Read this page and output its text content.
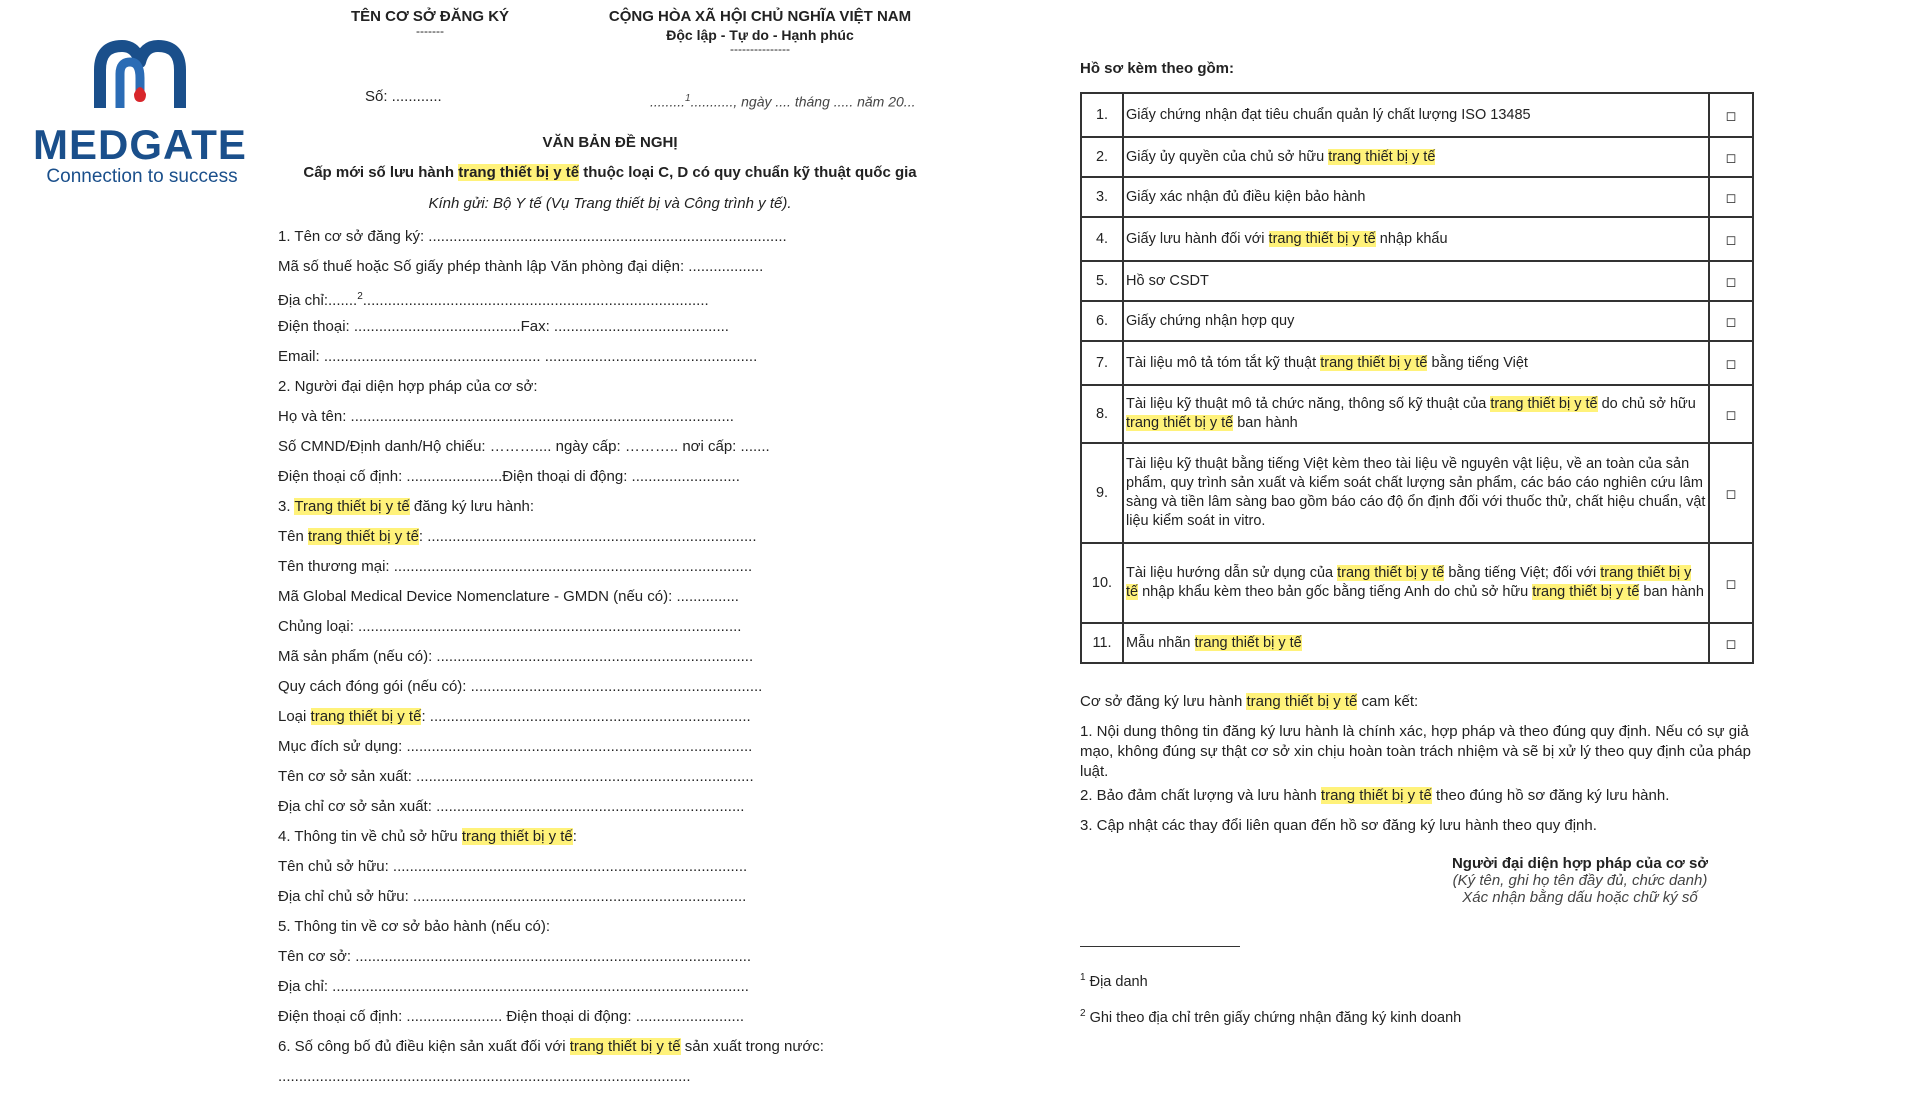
MEDGATE
Connection to success
TÊN CƠ SỞ ĐĂNG KÝ
-------
CỘNG HÒA XÃ HỘI CHỦ NGHĨA VIỆT NAM
Độc lập - Tự do - Hạnh phúc
---------------
Số: ............	.........$^1$..........., ngày .... tháng ..... năm 20...
VĂN BẢN ĐỀ NGHỊ
Cấp mới số lưu hành trang thiết bị y tế thuộc loại C, D có quy chuẩn kỹ thuật quốc gia
Kính gửi: Bộ Y tế (Vụ Trang thiết bị và Công trình y tế).
1. Tên cơ sở đăng ký: ......................................................................................
Mã số thuế hoặc Số giấy phép thành lập Văn phòng đại diện: ..................
Địa chỉ:.......$^2$...................................................................................
Điện thoại: ........................................Fax: ..........................................
Email: .................................................... ...................................................
2. Người đại diện hợp pháp của cơ sở:
Họ và tên: ............................................................................................
Số CMND/Định danh/Hộ chiếu: ……….... ngày cấp: ……….. nơi cấp: .......
Điện thoại cố định: .......................Điện thoại di động: ..........................
3. Trang thiết bị y tế đăng ký lưu hành:
Tên trang thiết bị y tế: ...............................................................................
Tên thương mại: ......................................................................................
Mã Global Medical Device Nomenclature - GMDN (nếu có): ...............
Chủng loại: ............................................................................................
Mã sản phẩm (nếu có): ............................................................................
Quy cách đóng gói (nếu có): ......................................................................
Loại trang thiết bị y tế: .............................................................................
Mục đích sử dụng: ...................................................................................
Tên cơ sở sản xuất: .................................................................................
Địa chỉ cơ sở sản xuất: ..........................................................................
4. Thông tin về chủ sở hữu trang thiết bị y tế:
Tên chủ sở hữu: .....................................................................................
Địa chỉ chủ sở hữu: ................................................................................
5. Thông tin về cơ sở bảo hành (nếu có):
Tên cơ sở: ...............................................................................................
Địa chỉ: ....................................................................................................
Điện thoại cố định: ....................... Điện thoại di động: ..........................
6. Số công bố đủ điều kiện sản xuất đối với trang thiết bị y tế sản xuất trong nước:
...................................................................................................
Hồ sơ kèm theo gồm:
1.	Giấy chứng nhận đạt tiêu chuẩn quản lý chất lượng ISO 13485	◻
2.	Giấy ủy quyền của chủ sở hữu trang thiết bị y tế	◻
3.	Giấy xác nhận đủ điều kiện bảo hành	◻
4.	Giấy lưu hành đối với trang thiết bị y tế nhập khẩu	◻
5.	Hồ sơ CSDT	◻
6.	Giấy chứng nhận hợp quy	◻
7.	Tài liệu mô tả tóm tắt kỹ thuật trang thiết bị y tế bằng tiếng Việt	◻
8.	Tài liệu kỹ thuật mô tả chức năng, thông số kỹ thuật của trang thiết bị y tế do chủ sở hữu trang thiết bị y tế ban hành	◻
9.	Tài liệu kỹ thuật bằng tiếng Việt kèm theo tài liệu về nguyên vật liệu, về an toàn của sản phẩm, quy trình sản xuất và kiểm soát chất lượng sản phẩm, các báo cáo nghiên cứu lâm sàng và tiền lâm sàng bao gồm báo cáo độ ổn định đối với thuốc thử, chất hiệu chuẩn, vật liệu kiểm soát in vitro.	◻
10.	Tài liệu hướng dẫn sử dụng của trang thiết bị y tế bằng tiếng Việt; đối với trang thiết bị y tế nhập khẩu kèm theo bản gốc bằng tiếng Anh do chủ sở hữu trang thiết bị y tế ban hành	◻
11.	Mẫu nhãn trang thiết bị y tế	◻
Cơ sở đăng ký lưu hành trang thiết bị y tế cam kết:
1. Nội dung thông tin đăng ký lưu hành là chính xác, hợp pháp và theo đúng quy định. Nếu có sự giả mạo, không đúng sự thật cơ sở xin chịu hoàn toàn trách nhiệm và sẽ bị xử lý theo quy định của pháp luật.
2. Bảo đảm chất lượng và lưu hành trang thiết bị y tế theo đúng hồ sơ đăng ký lưu hành.
3. Cập nhật các thay đổi liên quan đến hồ sơ đăng ký lưu hành theo quy định.
Người đại diện hợp pháp của cơ sở
(Ký tên, ghi họ tên đầy đủ, chức danh)
Xác nhận bằng dấu hoặc chữ ký số
$^1$ Địa danh
$^2$ Ghi theo địa chỉ trên giấy chứng nhận đăng ký kinh doanh
